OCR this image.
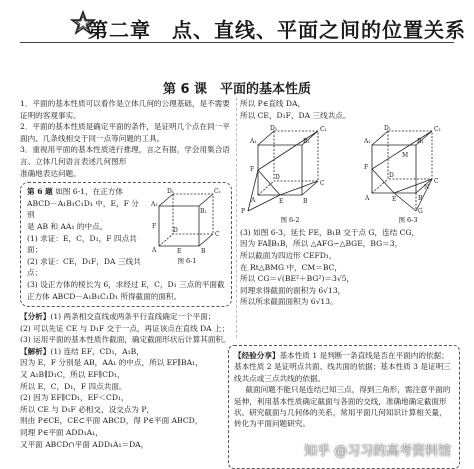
第二章　点、直线、平面之间的位置关系
第 6 课　平面的基本性质
1．平面的基本性质可以看作是立体几何的公理基础，是不需要证明的客观事实。
2．平面的基本性质是确定平面的条件，是证明几个点在同一平面内、几条线相交于同一点等问题的工具。
3．重视用平面的基本性质进行推理，言之有据，学会用集合语言、立体几何语言表述几何图形
准确地表达问题。
第 6 题 如图 6-1，在正方体 ABCD－A₁B₁C₁D₁ 中，E，F 分别
是 AB 和 AA₁ 的中点。
(1) 求证：E，C，D₁，F 四点共面；
(2) 求证：CE，D₁F，DA 三线共点；
D₁	C₁
A₁
B₁
F
D
C
A	E	B
图 6-1
(3) 设正方体的棱长为 6，求经过 E，C，D₁ 三点的平面截正方体 ABCD－A₁B₁C₁D₁ 所得截面的面积。
【分析】(1) 两条相交直线或两条平行直线确定一个平面；
(2) 可以先证 CE 与 D₁F 交于一点，再证该点在直线 DA 上；
(3) 运用平面的基本性质作截面，确定截面形状后计算其面积。
【解析】(1) 连结 EF，CD₁，A₁B，
因为 E，F 分别是 AB，AA₁ 的中点，所以 EF∥BA₁，
又 A₁B∥D₁C，所以 EF∥CD₁，
所以 E，C，D₁，F 四点共面。
(2) 因为 EF∥CD₁，EF＜CD₁，
所以 CE 与 D₁F 必相交，设交点为 P，
则由 P∈CE，CE⊂平面 ABCD，得 P∈平面 ABCD，
同理 P∈平面 ADD₁A₁，
又平面 ABCD∩平面 ADD₁A₁＝DA，
所以 P∈直线 DA，
所以 CE，D₁F，DA 三线共点。
A₁
D₁
B₁
C₁
F
A
D
E	B
C
P
图 6-2
A₁
D₁
B₁
C₁
M
A
D
E	B
G
N
F
C
图 6-3
(3) 如图 6-3，延长 FE，B₁B 交于点 G，连结 CG，
因为 FA∥B₁B，所以 △AFG∽△BGE，BG＝3，
所以截面为四边形 CEFD₁，
在 Rt△BMG 中，CM＝BC，
所以 CG＝√(BE²＋BG²)＝3√5，
同理求得截面的面积为 6√13，
所以所求截面面积为 6√13。
【经验分享】基本性质 1 是判断一条直线是否在平面内的依据；基本性质 2 是证明点共面、线共面的依据；基本性质 3 是证明三线共点或三点共线的依据。
截面问题不能只是连结已知三点，得到三角形，需注意平面的延伸，利用基本性质确定截面与各面的交线，准确地确定截面形状。研究截面与几何体的关系，常用平面几何知识计算相关量，转化为平面问题研究。
知乎 @习习的高考资料馆
